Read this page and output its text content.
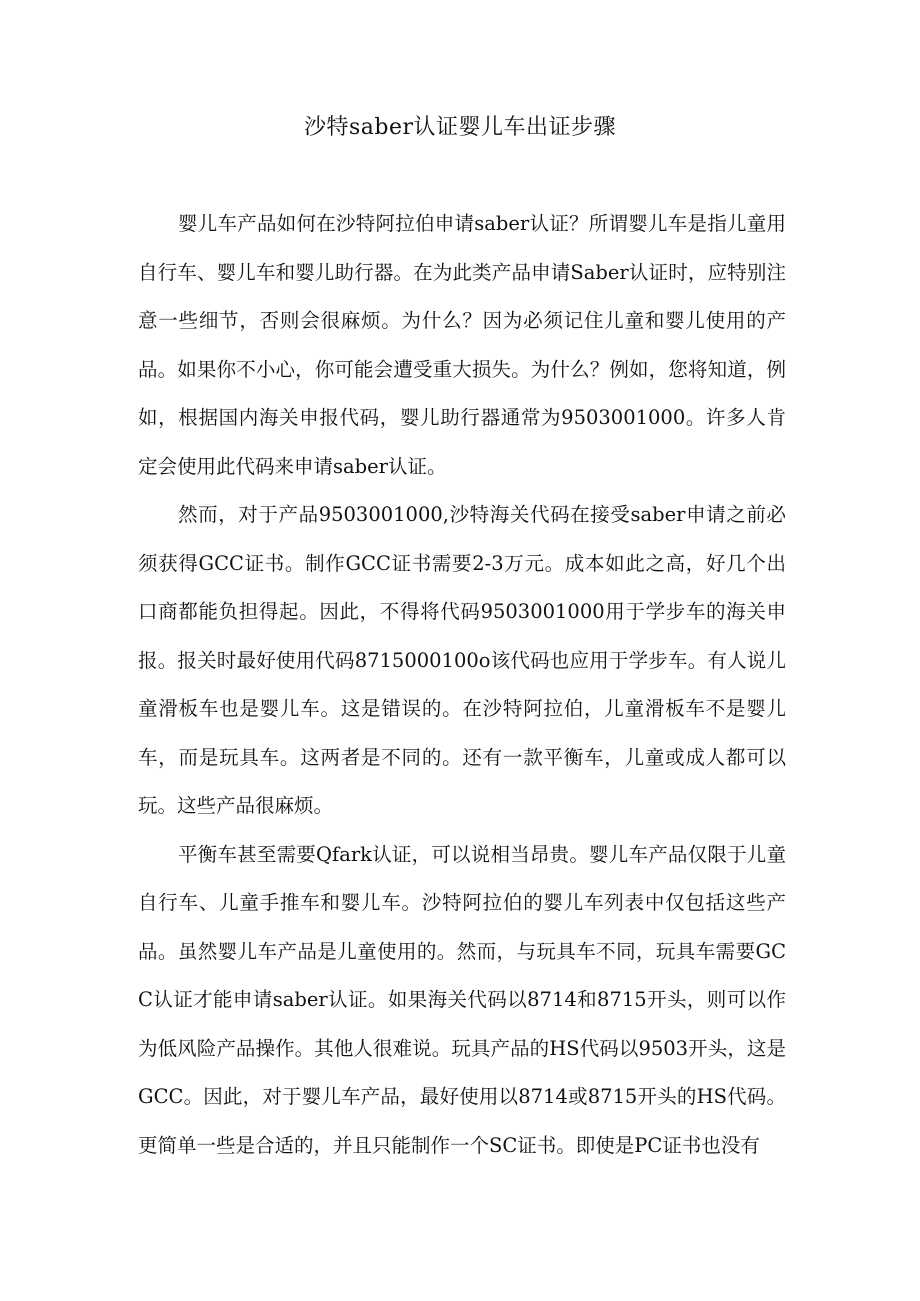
沙特saber认证婴儿车出证步骤

婴儿车产品如何在沙特阿拉伯申请saber认证？所谓婴儿车是指儿童用自行车、婴儿车和婴儿助行器。在为此类产品申请Saber认证时，应特别注意一些细节，否则会很麻烦。为什么？因为必须记住儿童和婴儿使用的产品。如果你不小心，你可能会遭受重大损失。为什么？例如，您将知道，例如，根据国内海关申报代码，婴儿助行器通常为9503001000。许多人肯定会使用此代码来申请saber认证。

然而，对于产品9503001000,沙特海关代码在接受saber申请之前必须获得GCC证书。制作GCC证书需要2-3万元。成本如此之高，好几个出口商都能负担得起。因此，不得将代码9503001000用于学步车的海关申报。报关时最好使用代码8715000100o该代码也应用于学步车。有人说儿童滑板车也是婴儿车。这是错误的。在沙特阿拉伯，儿童滑板车不是婴儿车，而是玩具车。这两者是不同的。还有一款平衡车，儿童或成人都可以玩。这些产品很麻烦。

平衡车甚至需要Qfark认证，可以说相当昂贵。婴儿车产品仅限于儿童自行车、儿童手推车和婴儿车。沙特阿拉伯的婴儿车列表中仅包括这些产品。虽然婴儿车产品是儿童使用的。然而，与玩具车不同，玩具车需要GCC认证才能申请saber认证。如果海关代码以8714和8715开头，则可以作为低风险产品操作。其他人很难说。玩具产品的HS代码以9503开头，这是GCC。因此，对于婴儿车产品，最好使用以8714或8715开头的HS代码。更简单一些是合适的，并且只能制作一个SC证书。即使是PC证书也没有
